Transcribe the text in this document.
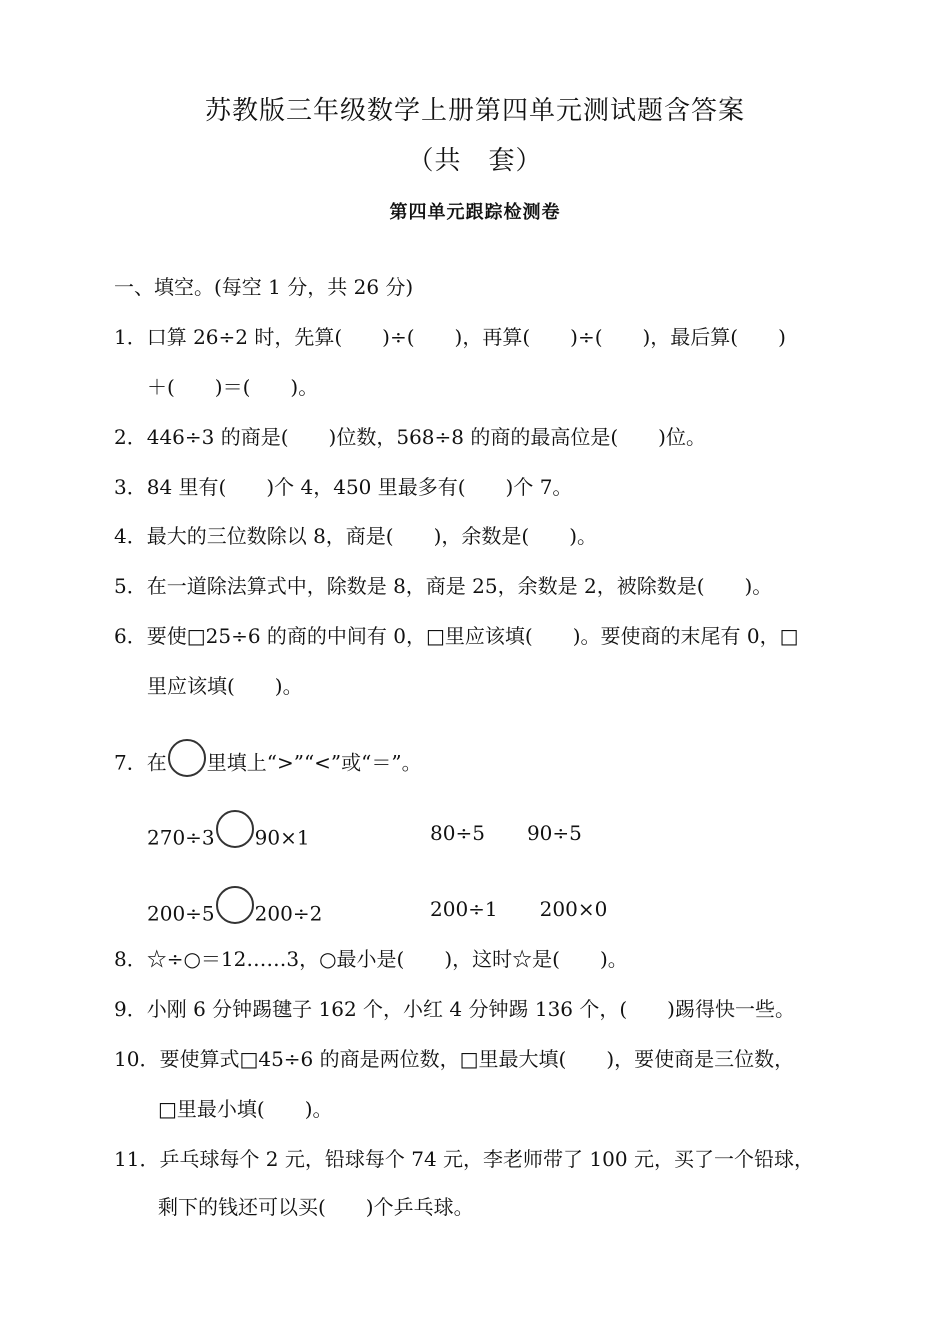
苏教版三年级数学上册第四单元测试题含答案
（共　套）
第四单元跟踪检测卷
一、填空。(每空 1 分，共 26 分)
1．口算 26÷2 时，先算(　　)÷(　　)，再算(　　)÷(　　)，最后算(　　)
＋(　　)＝(　　)。
2．446÷3 的商是(　　)位数，568÷8 的商的最高位是(　　)位。
3．84 里有(　　)个 4，450 里最多有(　　)个 7。
4．最大的三位数除以 8，商是(　　)，余数是(　　)。
5．在一道除法算式中，除数是 8，商是 25，余数是 2，被除数是(　　)。
6．要使□25÷6 的商的中间有 0，□里应该填(　　)。要使商的末尾有 0，□
里应该填(　　)。
7．在 里填上“>”“<”或“＝”。
270÷3 90×1	80÷5 90÷5
200÷5 200÷2	200÷1 200×0
8．☆÷○＝12……3，○最小是(　　)，这时☆是(　　)。
9．小刚 6 分钟踢毽子 162 个，小红 4 分钟踢 136 个，(　　)踢得快一些。
10．要使算式□45÷6 的商是两位数，□里最大填(　　)，要使商是三位数，
□里最小填(　　)。
11．乒乓球每个 2 元，铅球每个 74 元，李老师带了 100 元，买了一个铅球，
剩下的钱还可以买(　　)个乒乓球。
